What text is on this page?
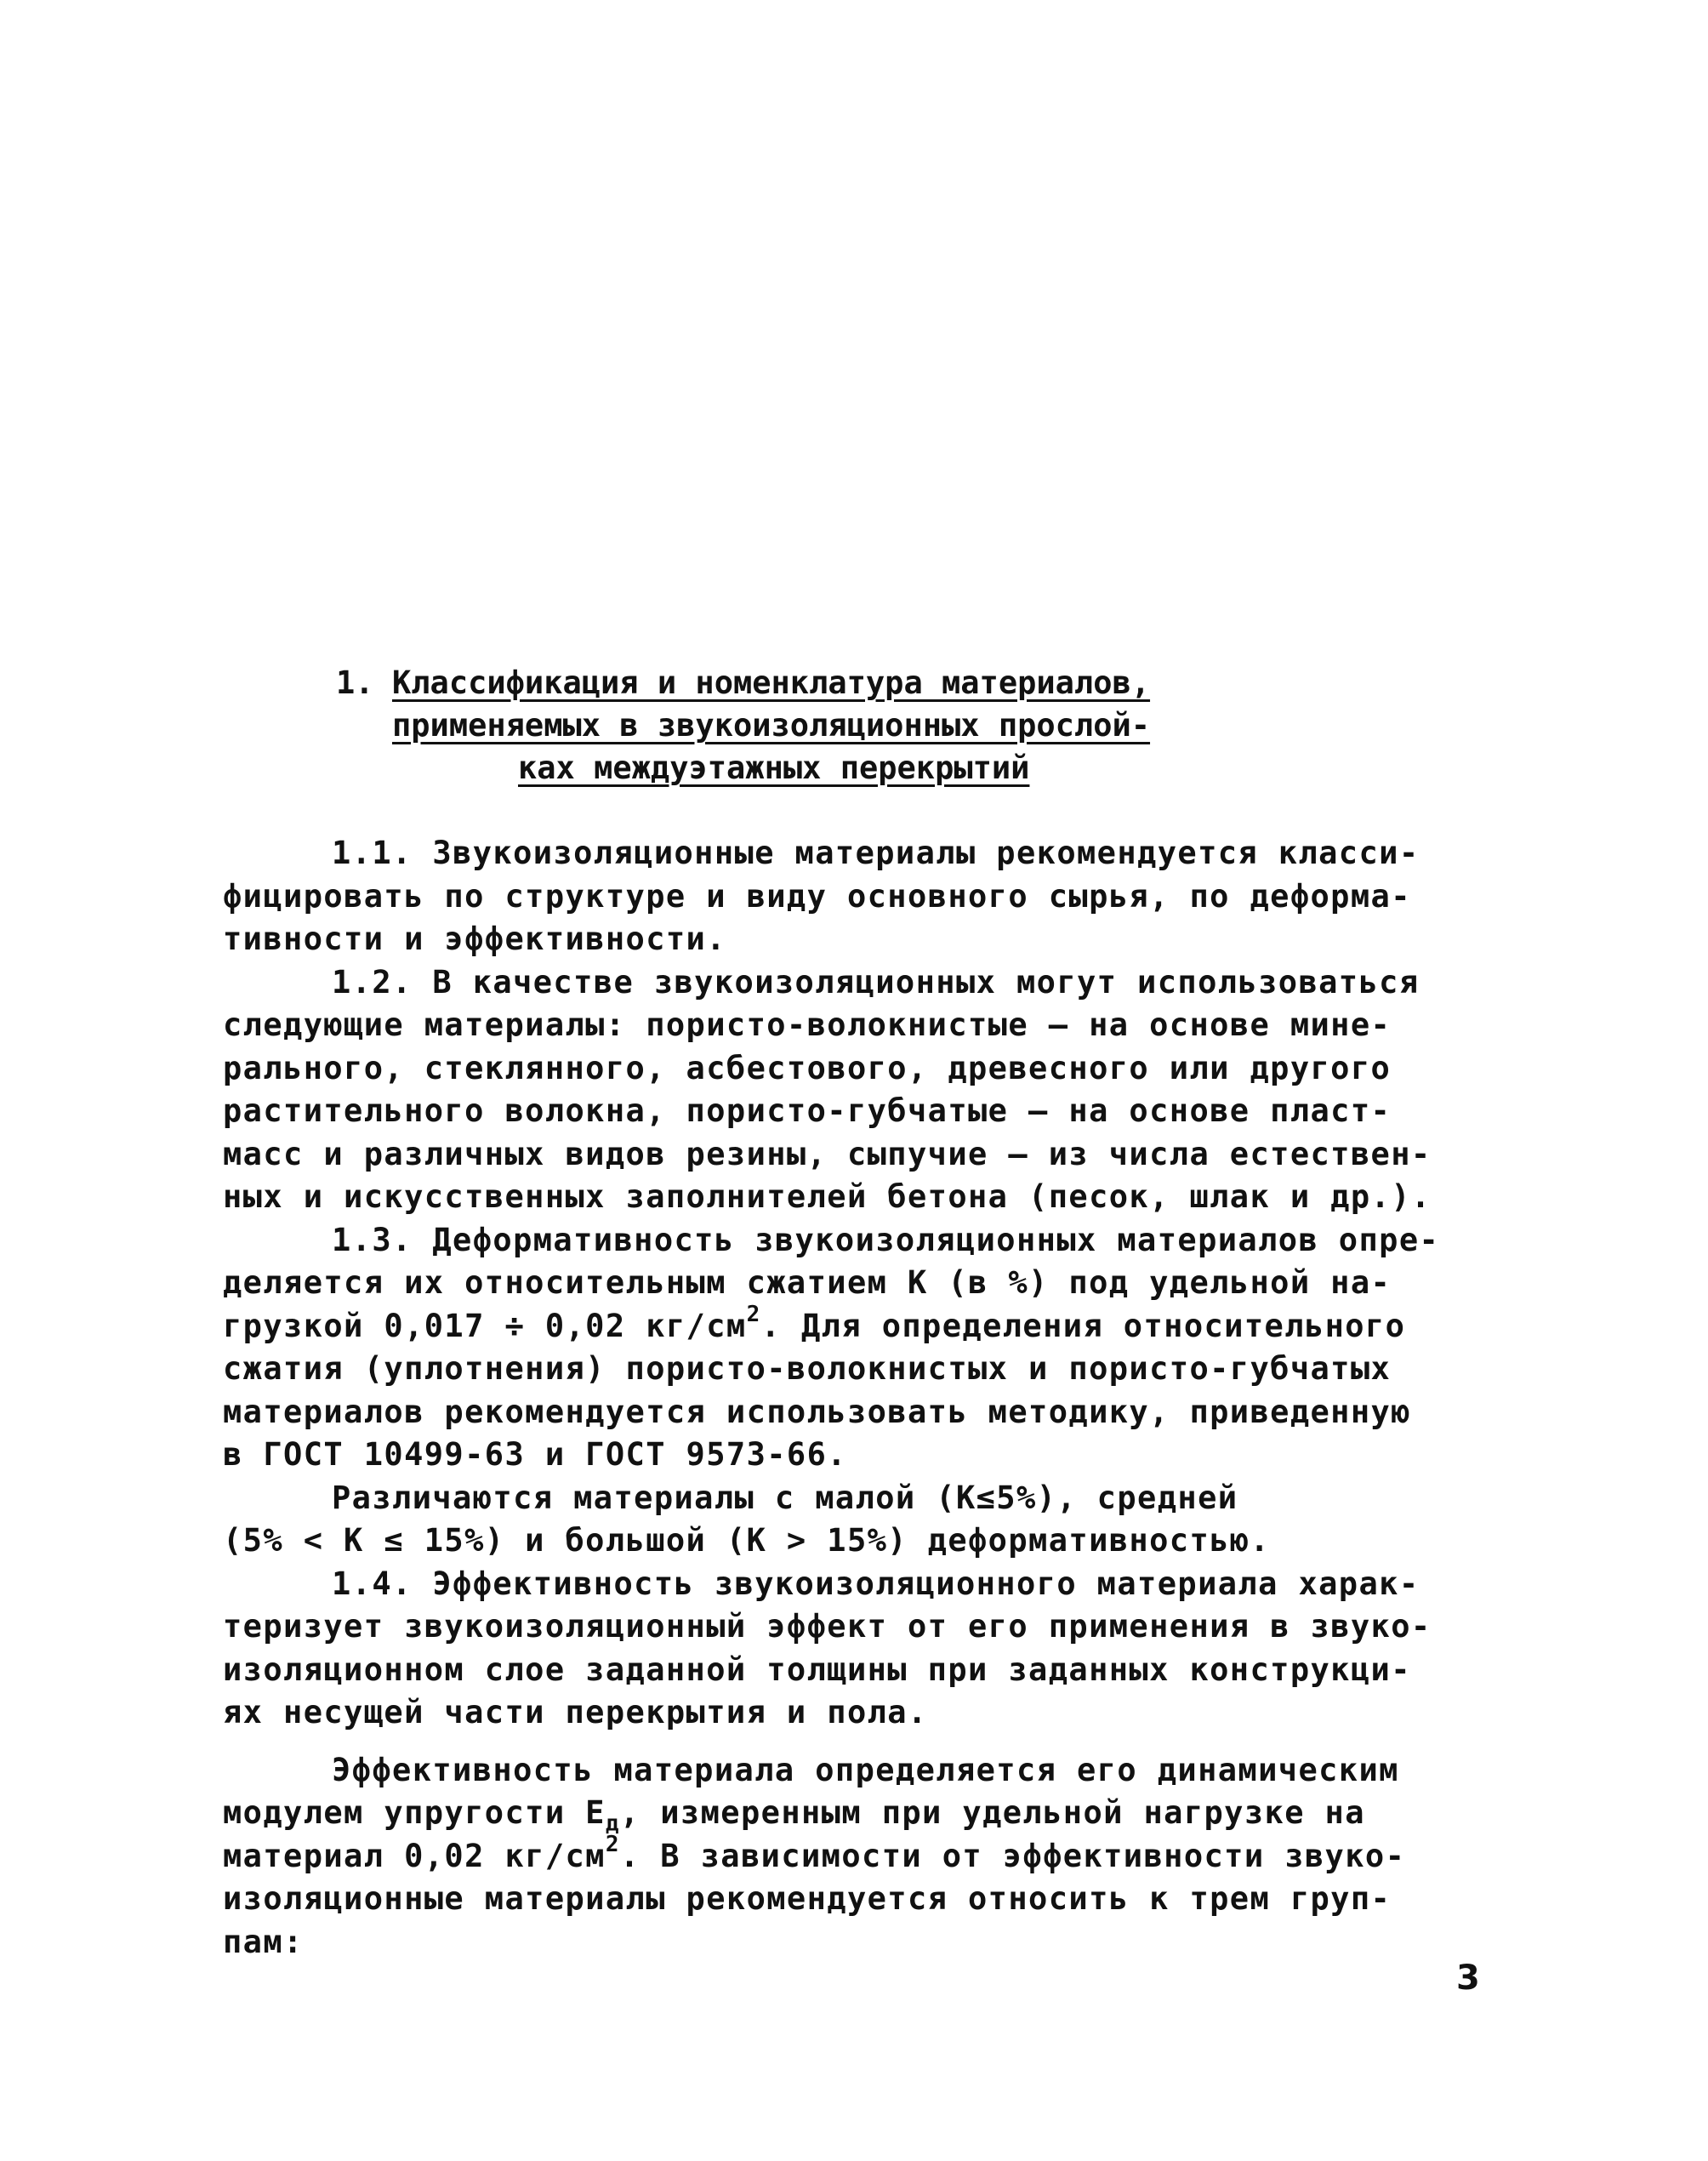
1. Классификация и номенклатура материалов,
применяемых в звукоизоляционных прослой-
ках междуэтажных перекрытий
1.1. Звукоизоляционные материалы рекомендуется класси-
фицировать по структуре и виду основного сырья, по деформа-
тивности и эффективности.
1.2. В качестве звукоизоляционных могут использоваться
следующие материалы: пористо-волокнистые – на основе мине-
рального, стеклянного, асбестового, древесного или другого
растительного волокна, пористо-губчатые – на основе пласт-
масс и различных видов резины, сыпучие – из числа естествен-
ных и искусственных заполнителей бетона (песок, шлак и др.).
1.3. Деформативность звукоизоляционных материалов опре-
деляется их относительным сжатием К (в %) под удельной на-
грузкой 0,017 ÷ 0,02 $кг/см^2$. Для определения относительного
сжатия (уплотнения) пористо-волокнистых и пористо-губчатых
материалов рекомендуется использовать методику, приведенную
в ГОСТ 10499-63 и ГОСТ 9573-66.
Различаются материалы с малой (К≤5%), средней
(5% < К ≤ 15%) и большой (К > 15%) деформативностью.
1.4. Эффективность звукоизоляционного материала харак-
теризует звукоизоляционный эффект от его применения в звуко-
изоляционном слое заданной толщины при заданных конструкци-
ях несущей части перекрытия и пола.
Эффективность материала определяется его динамическим
модулем упругости $Е_д$, измеренным при удельной нагрузке на
материал 0,02 $кг/см^2$. В зависимости от эффективности звуко-
изоляционные материалы рекомендуется относить к трем груп-
пам:
3
